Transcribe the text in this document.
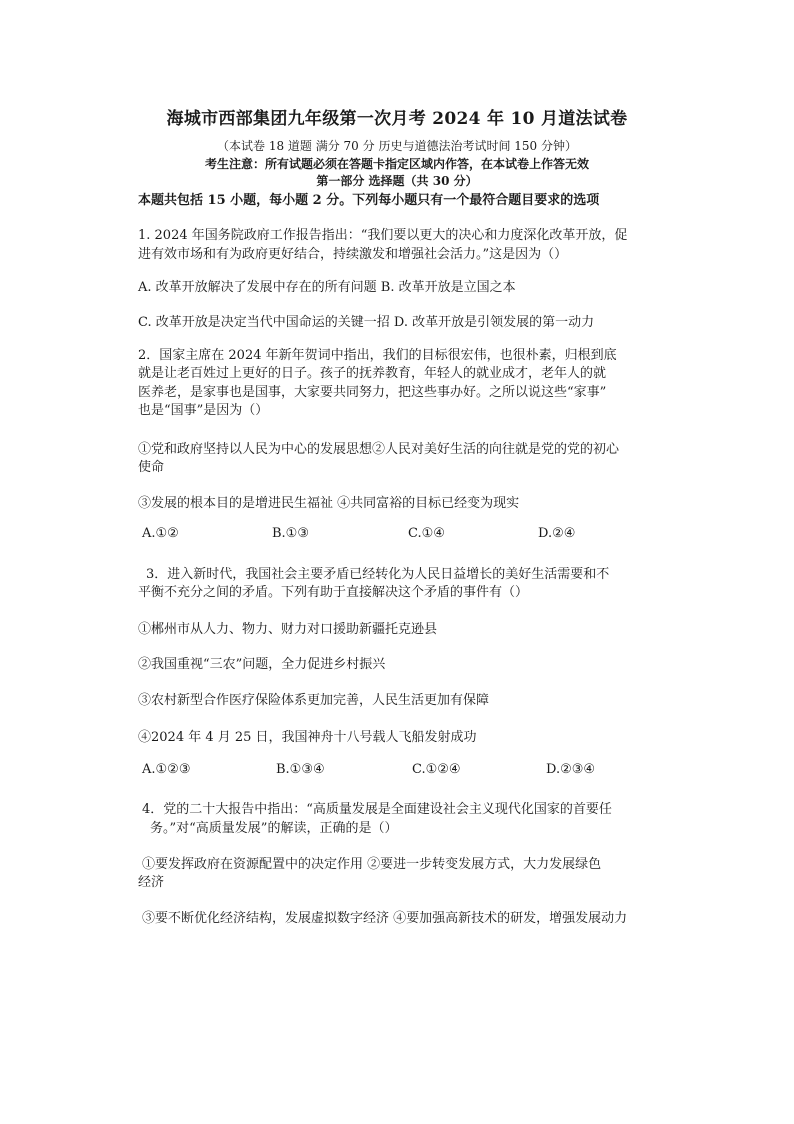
海城市西部集团九年级第一次月考 2024 年 10 月道法试卷
（本试卷 18 道题 满分 70 分 历史与道德法治考试时间 150 分钟）
考生注意：所有试题必须在答题卡指定区域内作答，在本试卷上作答无效
第一部分 选择题（共 30 分）
本题共包括 15 小题，每小题 2 分。下列每小题只有一个最符合题目要求的选项
1. 2024 年国务院政府工作报告指出：“我们要以更大的决心和力度深化改革开放，促
进有效市场和有为政府更好结合，持续激发和增强社会活力。”这是因为（）
A. 改革开放解决了发展中存在的所有问题 B. 改革开放是立国之本
C. 改革开放是决定当代中国命运的关键一招 D. 改革开放是引领发展的第一动力
2．国家主席在 2024 年新年贺词中指出，我们的目标很宏伟，也很朴素，归根到底
就是让老百姓过上更好的日子。孩子的抚养教育，年轻人的就业成才，老年人的就
医养老，是家事也是国事，大家要共同努力，把这些事办好。之所以说这些“家事”
也是“国事”是因为（）
①党和政府坚持以人民为中心的发展思想②人民对美好生活的向往就是党的党的初心
使命
③发展的根本目的是增进民生福祉 ④共同富裕的目标已经变为现实
A.①②	B.①③	C.①④	D.②④
3．进入新时代，我国社会主要矛盾已经转化为人民日益增长的美好生活需要和不
平衡不充分之间的矛盾。下列有助于直接解决这个矛盾的事件有（）
①郴州市从人力、物力、财力对口援助新疆托克逊县
②我国重视“三农”问题，全力促进乡村振兴
③农村新型合作医疗保险体系更加完善，人民生活更加有保障
④2024 年 4 月 25 日，我国神舟十八号载人飞船发射成功
A.①②③	B.①③④	C.①②④	D.②③④
4．党的二十大报告中指出：“高质量发展是全面建设社会主义现代化国家的首要任
务。”对“高质量发展”的解读，正确的是（）
①要发挥政府在资源配置中的决定作用 ②要进一步转变发展方式，大力发展绿色
经济
③要不断优化经济结构，发展虚拟数字经济 ④要加强高新技术的研发，增强发展动力
